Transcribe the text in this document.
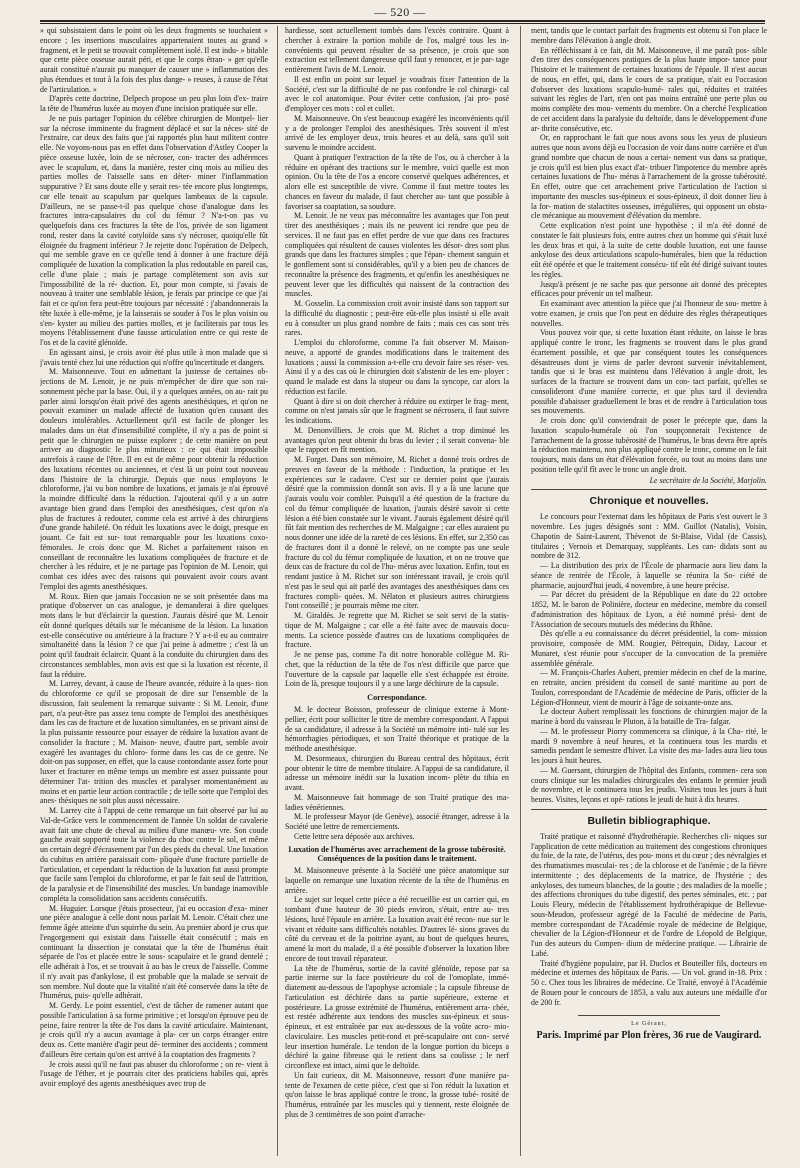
— 520 —

» qui subsistaient dans le point où les deux fragments se touchaient » encore ; les insertions musculaires appartenaient toutes au grand » fragment, et le petit se trouvait complètement isolé. Il est indu- » bitable que cette pièce osseuse aurait péri, et que le corps étran- » ger qu'elle aurait constitué n'aurait pu manquer de causer une » inflammation des plus étendues et tout à la fois des plus dange- » reuses, à cause de l'état de l'articulation. »

D'après cette doctrine, Delpech propose un peu plus loin d'ex- traire la tête de l'humérus luxée au moyen d'une incision pratiquée sur elle.

Je ne puis partager l'opinion du célèbre chirurgien de Montpel- lier sur la nécrose imminente du fragment déplacé et sur la néces- sité de l'extraire, car deux des faits que j'ai rapportés plus haut militent contre elle. Ne voyons-nous pas en effet dans l'observation d'Astley Cooper la pièce osseuse luxée, loin de se nécroser, con- tracter des adhérences avec le scapulum, et, dans la manière, rester cinq mois au milieu des parties molles de l'aisselle sans en déter- miner l'inflammation suppurative ? Et sans doute elle y serait res- tée encore plus longtemps, car elle tenait au scapulum par quelques lambeaux de la capsule. D'ailleurs, ne se passe-t-il pas quelque chose d'analogue dans les fractures intra-capsulaires du col du fémur ? N'a-t-on pas vu quelquefois dans ces fractures la tête de l'os, privée de son ligament rond, rester dans la cavité cotyloïde sans s'y nécroser, quoiqu'elle fût éloignée du fragment inférieur ? Je rejette donc l'opération de Delpech, qui me semble grave en ce qu'elle tend à donner à une fracture déjà compliquée de luxation la complication la plus redoutable en pareil cas, celle d'une plaie ; mais je partage complètement son avis sur l'impossibilité de la ré- duction. Et, pour mon compte, si j'avais de nouveau à traiter une semblable lésion, je ferais par principe ce que j'ai fait et ce qu'on fera peut-être toujours par nécessité : j'abandonnerais la tête luxée à elle-même, je la laisserais se souder à l'os le plus voisin ou s'en- kyster au milieu des parties molles, et je faciliterais par tous les moyens l'établissement d'une fausse articulation entre ce qui reste de l'os et de la cavité glénoïde.

En agissant ainsi, je crois avoir été plus utile à mon malade que si j'avais tenté chez lui une réduction qui n'offre qu'incertitude et dangers.

M. Maisonneuve. Tout en admettant la justesse de certaines ob- jections de M. Lenoir, je ne puis m'empêcher de dire que son rai- sonnement pèche par la base. Oui, il y a quelques années, on au- rait pu parler ainsi lorsqu'on était privé des agents anesthésiques, et qu'on ne pouvait examiner un malade affecté de luxation qu'en causant des douleurs intolérables. Actuellement qu'il est facile de plonger les malades dans un état d'insensibilité complète, il n'y a pas de point si petit que le chirurgien ne puisse explorer ; de cette manière on peut arriver au diagnostic le plus minutieux : ce qui était impossible autrefois à cause de l'être. Il en est de même pour obtenir la réduction des luxations récentes ou anciennes, et c'est là un point tout nouveau dans l'histoire de la chirurgie. Depuis que nous employons le chloroforme, j'ai vu bon nombre de luxations, et jamais je n'ai éprouvé la moindre difficulté dans la réduction. J'ajouterai qu'il y a un autre avantage bien grand dans l'emploi des anesthésiques, c'est qu'on n'a plus de fractures à redouter, comme cela est arrivé à des chirurgiens d'une grande habileté. On réduit les luxations avec le doigt, presque en jouant. Ce fait est sur- tout remarquable pour les luxations coxo-fémorales. Je crois donc que M. Richet a parfaitement raison en conseillant de reconnaître les luxations compliquées de fracture et de chercher à les réduire, et je ne partage pas l'opinion de M. Lenoir, qui combat ces idées avec des raisons qui pouvaient avoir cours avant l'emploi des agents anesthésiques.

M. Roux. Bien que jamais l'occasion ne se soit présentée dans ma pratique d'observer un cas analogue, je demanderai à dire quelques mots dans le but d'éclaircir la question. J'aurais désiré que M. Lenoir eût donné quelques détails sur le mécanisme de la lésion. La luxation est-elle consécutive ou antérieure à la fracture ? Y a-t-il eu au contraire simultanéité dans la lésion ? ce que j'ai peine à admettre ; c'est là un point qu'il faudrait éclaircir. Quant à la conduite du chirurgien dans des circonstances semblables, mon avis est que si la luxation est récente, il faut la réduire.

M. Larrey, devant, à cause de l'heure avancée, réduire à la ques- tion du chloroforme ce qu'il se proposait de dire sur l'ensemble de la discussion, fait seulement la remarque suivante : Si M. Lenoir, d'une part, n'a peut-être pas assez tenu compte de l'emploi des anesthésiques dans les cas de fracture et de luxation simultanées, en se privant ainsi de la plus puissante ressource pour essayer de réduire la luxation avant de consolider la fracture ; M. Maison- neuve, d'autre part, semble avoir exagéré les avantages du chloro- forme dans les cas de ce genre. Ne doit-on pas supposer, en effet, que la cause contondante assez forte pour luxer et fracturer en même temps un membre est assez puissante pour déterminer l'at- trition des muscles et paralyser momentanément au moins et en partie leur action contractile ; de telle sorte que l'emploi des anes- thésiques ne soit plus aussi nécessaire.

M. Larrey cite à l'appui de cette remarque un fait observé par lui au Val-de-Grâce vers le commencement de l'année Un soldat de cavalerie avait fait une chute de cheval au milieu d'une manœu- vre. Son coude gauche avait supporté toute la violence du choc contre le sol, et même un certain degré d'écrasement par l'un des pieds du cheval. Une luxation du cubitus en arrière paraissait com- pliquée d'une fracture partielle de l'articulation, et cependant la réduction de la luxation fut aussi prompte que facile sans l'emploi du chloroforme, et par le fait seul de l'attrition, de la paralysie et de l'insensibilité des muscles. Un bandage inamovible compléta la consolidation sans accidents consécutifs.

M. Huguier. Lorsque j'étais prosecteur, j'ai eu occasion d'exa- miner une pièce analogue à celle dont nous parlait M. Lenoir. C'était chez une femme âgée atteinte d'un squirrhe du sein. Au premier abord je crus que l'engorgement qui existait dans l'aisselle était consécutif ; mais en continuant la dissection je constatai que la tête de l'humérus était séparée de l'os et placée entre le sous- scapulaire et le grand dentelé ; elle adhérait à l'os, et se trouvait à au bas le creux de l'aisselle. Comme il n'y avait pas d'ankylose, il est probable que la malade se servait de son membre. Nul doute que la vitalité n'ait été conservée dans la tête de l'humérus, puis- qu'elle adhérait.

M. Gerdy. Le point essentiel, c'est de tâcher de ramener autant que possible l'articulation à sa forme primitive ; et lorsqu'on éprouve peu de peine, faire rentrer la tête de l'os dans la cavité articulaire. Maintenant, je crois qu'il n'y a aucun avantage à pla- cer un corps étranger entre deux os. Cette manière d'agir peut dé- terminer des accidents ; comment d'ailleurs être certain qu'on est arrivé à la coaptation des fragments ?

Je crois aussi qu'il ne faut pas abuser du chloroforme ; on re- vient à l'usage de l'éther, et je pourrais citer des praticiens habiles qui, après avoir employé des agents anesthésiques avec trop de

hardiesse, sont actuellement tombés dans l'excès contraire. Quant à chercher à extraire la portion mobile de l'os, malgré tous les in- convénients qui peuvent résulter de sa présence, je crois que son extraction est tellement dangereuse qu'il faut y renoncer, et je par- tage entièrement l'avis de M. Lenoir.

Il est enfin un point sur lequel je voudrais fixer l'attention de la Société, c'est sur la difficulté de ne pas confondre le col chirurgi- cal avec le col anatomique. Pour éviter cette confusion, j'ai pro- posé d'employer ces mots : col et collet.

M. Maisonneuve. On s'est beaucoup exagéré les inconvénients qu'il y a de prolonger l'emploi des anesthésiques. Très souvent il m'est arrivé de les employer deux, trois heures et au delà, sans qu'il soit survenu le moindre accident.

Quant à pratiquer l'extraction de la tête de l'os, ou à chercher à la réduire en opérant des tractions sur le membre, voici quelle est mon opinion. Ou la tête de l'os a encore conservé quelques adhérences, et alors elle est susceptible de vivre. Comme il faut mettre toutes les chances en faveur du malade, il faut chercher au- tant que possible à favoriser sa coaptation, sa soudure.

M. Lenoir. Je ne veux pas méconnaître les avantages que l'on peut tirer des anesthésiques ; mais ils ne peuvent ici rendre que peu de services. Il ne faut pas en effet perdre de vue que dans ces fractures compliquées qui résultent de causes violentes les désor- dres sont plus grands que dans les fractures simples ; que l'épan- chement sanguin et le gonflement sont si considérables, qu'il y a bien peu de chances de reconnaître la présence des fragments, et qu'enfin les anesthésiques ne peuvent lever que les difficultés qui naissent de la contraction des muscles.

M. Gosselin. La commission croit avoir insisté dans son rapport sur la difficulté du diagnostic ; peut-être eût-elle plus insisté si elle avait eu à consulter un plus grand nombre de faits ; mais ces cas sont très rares.

L'emploi du chloroforme, comme l'a fait observer M. Maison- neuve, a apporté de grandes modifications dans le traitement des luxations ; aussi la commission a-t-elle cru devoir faire ses réser- ves. Ainsi il y a des cas où le chirurgien doit s'abstenir de les em- ployer : quand le malade est dans la stupeur ou dans la syncope, car alors la réduction est facile.

Quant à dire si on doit chercher à réduire ou extirper le frag- ment, comme on n'est jamais sûr que le fragment se nécrosera, il faut suivre les indications.

M. Denonvilliers. Je crois que M. Richet a trop diminué les avantages qu'on peut obtenir du bras du levier ; il serait convena- ble que le rapport en fît mention.

M. Forget. Dans son mémoire, M. Richet a donné trois ordres de preuves en faveur de la méthode : l'induction, la pratique et les expériences sur le cadavre. C'est sur ce dernier point que j'aurais désiré que la commission donnât son avis. Il y a là une lacune que j'aurais voulu voir combler. Puisqu'il a été question de la fracture du col du fémur compliquée de luxation, j'aurais désiré savoir si cette lésion a été bien constatée sur le vivant. J'aurais également désiré qu'il fût fait mention des recherches de M. Malgaigne ; car elles auraient pu nous donner une idée de la rareté de ces lésions. En effet, sur 2,350 cas de fractures dont il a donné le relevé, on ne compte pas une seule fracture du col du fémur compliquée de luxation, et on ne trouve que deux cas de fracture du col de l'hu- mérus avec luxation. Enfin, tout en rendant justice à M. Richet sur son intéressant travail, je crois qu'il n'est pas le seul qui ait parlé des avantages des anesthésiques dans ces fractures compli- quées. M. Nélaton et plusieurs autres chirurgiens l'ont conseillé ; je pourrais même me citer.

M. Giraldès. Je regrette que M. Richet se soit servi de la statis- tique de M. Malgaigne ; car elle a été faite avec de mauvais docu- ments. La science possède d'autres cas de luxations compliquées de fracture.

Je ne pense pas, comme l'a dit notre honorable collègue M. Ri- chet, que la réduction de la tête de l'os n'est difficile que parce que l'ouverture de la capsule par laquelle elle s'est échappée est étroite. Loin de là, presque toujours il y a une large déchirure de la capsule.

Correspondance.

M. le docteur Boisson, professeur de clinique externe à Mont- pellier, écrit pour solliciter le titre de membre correspondant. A l'appui de sa candidature, il adresse à la Société un mémoire inti- tulé sur les hémorrhagies périodiques, et son Traité théorique et pratique de la méthode anesthésique.

M. Desormeaux, chirurgien du Bureau central des hôpitaux, écrit pour obtenir le titre de membre titulaire. A l'appui de sa candidature, il adresse un mémoire inédit sur la luxation incom- plète du tibia en avant.

M. Maisonneuve fait hommage de son Traité pratique des ma- ladies vénériennes.

M. le professeur Mayor (de Genève), associé étranger, adresse à la Société une lettre de remerciements.

Cette lettre sera déposée aux archives.

Luxation de l'humérus avec arrachement de la grosse tubérosité. Conséquences de la position dans le traitement.

M. Maisonneuve présente à la Société une pièce anatomique sur laquelle on remarque une luxation récente de la tête de l'humérus en arrière.

Le sujet sur lequel cette pièce a été recueillie est un carrier qui, en tombant d'une hauteur de 30 pieds environ, s'était, entre au- tres lésions, luxé l'épaule en arrière. La luxation avait été recon- nue sur le vivant et réduite sans difficultés notables. D'autres lé- sions graves du côté du cerveau et de la poitrine ayant, au bout de quelques heures, amené la mort du malade, il a été possible d'observer la luxation libre encore de tout travail réparateur.

La tête de l'humérus, sortie de la cavité glénoïde, repose par sa partie interne sur la face postérieure du col de l'omoplate, immé- diatement au-dessous de l'apophyse acromiale ; la capsule fibreuse de l'articulation est déchirée dans sa partie supérieure, externe et postérieure. La grosse extrémité de l'humérus, entièrement arra- chée, est restée adhérente aux tendons des muscles sus-épineux et sous-épineux, et est entraînée par eux au-dessous de la voûte acro- mio-claviculaire. Les muscles petit-rond et pré-scapulaire ont con- servé leur insertion humérale. Le tendon de la longue portion du biceps a déchiré la gaine fibreuse qui le retient dans sa coulisse ; le nerf circonflexe est intact, ainsi que le deltoïde.

Un fait curieux, dit M. Maisonneuve, ressort d'une manière pa- tente de l'examen de cette pièce, c'est que si l'on réduit la luxation et qu'on laisse le bras appliqué contre le tronc, la grosse tubé- rosité de l'humérus, entraînée par les muscles qui y tiennent, reste éloignée de plus de 3 centimètres de son point d'arrache-

ment, tandis que le contact parfait des fragments est obtenu si l'on place le membre dans l'élévation à angle droit.

En réfléchissant à ce fait, dit M. Maisonneuve, il me paraît pos- sible d'en tirer des conséquences pratiques de la plus haute impor- tance pour l'histoire et le traitement de certaines luxations de l'épaule. Il n'est aucun de nous, en effet, qui, dans le cours de sa pratique, n'ait eu l'occasion d'observer des luxations scapulo-humé- rales qui, réduites et traitées suivant les règles de l'art, n'en ont pas moins entraîné une perte plus ou moins complète des mou- vements du membre. On a cherché l'explication de cet accident dans la paralysie du deltoïde, dans le développement d'une ar- thrite consécutive, etc.

Or, en rapprochant le fait que nous avons sous les yeux de plusieurs autres que nous avons déjà eu l'occasion de voir dans notre carrière et d'un grand nombre que chacun de nous a certai- nement vus dans sa pratique, je crois qu'il est bien plus exact d'at- tribuer l'impotence du membre après certaines luxations de l'hu- mérus à l'arrachement de la grosse tubérosité. En effet, outre que cet arrachement prive l'articulation de l'action si importante des muscles sus-épineux et sous-épineux, il doit donner lieu à la for- mation de stalactites osseuses, irrégulières, qui opposent un obsta- cle mécanique au mouvement d'élévation du membre.

Cette explication n'est point une hypothèse ; il m'a été donné de constater le fait plusieurs fois, entre autres chez un homme qui s'était luxé les deux bras et qui, à la suite de cette double luxation, eut une fausse ankylose des deux articulations scapulo-humérales, bien que la réduction eût été opérée et que le traitement consécu- tif eût été dirigé suivant toutes les règles.

Jusqu'à présent je ne sache pas que personne ait donné des préceptes efficaces pour prévenir un tel malheur.

En examinant avec attention la pièce que j'ai l'honneur de sou- mettre à votre examen, je crois que l'on peut en déduire des règles thérapeutiques nouvelles.

Vous pouvez voir que, si cette luxation étant réduite, on laisse le bras appliqué contre le tronc, les fragments se trouvent dans le plus grand écartement possible, et que par conséquent toutes les conséquences désastreuses dont je viens de parler devront survenir inévitablement, tandis que si le bras est maintenu dans l'élévation à angle droit, les surfaces de la fracture se trouvent dans un con- tact parfait, qu'elles se consolideront d'une manière correcte, et que plus tard il deviendra possible d'abaisser graduellement le bras et de rendre à l'articulation tous ses mouvements.

Je crois donc qu'il conviendrait de poser le précepte que, dans la luxation scapulo-humérale où l'on soupçonnerait l'existence de l'arrachement de la grosse tubérosité de l'humérus, le bras devra être après la réduction maintenu, non plus appliqué contre le tronc, comme on le fait toujours, mais dans un état d'élévation forcée, ou tout au moins dans une position telle qu'il fît avec le tronc un angle droit.

Le secrétaire de la Société, Marjolin.
Chronique et nouvelles.

Le concours pour l'externat dans les hôpitaux de Paris s'est ouvert le 3 novembre. Les juges désignés sont : MM. Guillot (Natalis), Voisin, Chapotin de Saint-Laurent, Thévenot de St-Blaise, Vidal (de Cassis), titulaires ; Vernois et Demarquay, suppléants. Les can- didats sont au nombre de 312.

— La distribution des prix de l'École de pharmacie aura lieu dans la séance de rentrée de l'École, à laquelle se réunira la So- ciété de pharmacie, aujourd'hui jeudi, 4 novembre, à une heure précise.

— Par décret du président de la République en date du 22 octobre 1852, M. le baron de Polinière, docteur en médecine, membre du conseil d'administration des hôpitaux de Lyon, a été nommé prési- dent de l'Association de secours mutuels des médecins du Rhône.

Dès qu'elle a eu connaissance du décret présidentiel, la com- mission provisoire, composée de MM. Rougier, Pétrequin, Diday, Lacour et Munaret, s'est réunie pour s'occuper de la convocation de la première assemblée générale.

— M. François-Charles Aubert, premier médecin en chef de la marine, en retraite, ancien président du conseil de santé maritime au port de Toulon, correspondant de l'Académie de médecine de Paris, officier de la Légion-d'Honneur, vient de mourir à l'âge de soixante-onze ans.

Le docteur Aubert remplissait les fonctions de chirurgien major de la marine à bord du vaisseau le Pluton, à la bataille de Tra- falgar.

— M. le professeur Piorry commencera sa clinique, à la Cha- rité, le mardi 9 novembre à neuf heures, et la continuera tous les mardis et samedis pendant le semestre d'hiver. La visite des ma- lades aura lieu tous les jours à huit heures.

— M. Guersant, chirurgien de l'hôpital des Enfants, commen- cera son cours clinique sur les maladies chirurgicales des enfants le premier jeudi de novembre, et le continuera tous les jeudis. Visites tous les jours à huit heures. Visites, leçons et opé- rations le jeudi de huit à dix heures.

Bulletin bibliographique.

Traité pratique et raisonné d'hydrothérapie. Recherches cli- niques sur l'application de cette médication au traitement des congestions chroniques du foie, de la rate, de l'utérus, des pou- mons et du cœur ; des névralgies et des rhumatismes musculai- res ; de la chlorose et de l'anémie ; de la fièvre intermittente ; des déplacements de la matrice, de l'hystérie ; des ankyloses, des tumeurs blanches, de la goutte ; des maladies de la moelle ; des affections chroniques du tube digestif, des pertes séminales, etc. ; par Louis Fleury, médecin de l'établissement hydrothérapique de Bellevue-sous-Meudon, professeur agrégé de la Faculté de médecine de Paris, membre correspondant de l'Académie royale de médecine de Belgique, chevalier de la Légion-d'Honneur et de l'ordre de Léopold de Belgique, l'un des auteurs du Compen- dium de médecine pratique. — Librairie de Labé.

Traité d'hygiène populaire, par H. Duclos et Bouteiller fils, docteurs en médecine et internes des hôpitaux de Paris. — Un vol. grand in-18. Prix : 50 c. Chez tous les libraires de médecine. Ce Traité, envoyé à l'Académie de Rouen pour le concours de 1853, a valu aux auteurs une médaille d'or de 200 fr.

Le Gérant,
Paris. Imprimé par Plon frères, 36 rue de Vaugirard.
